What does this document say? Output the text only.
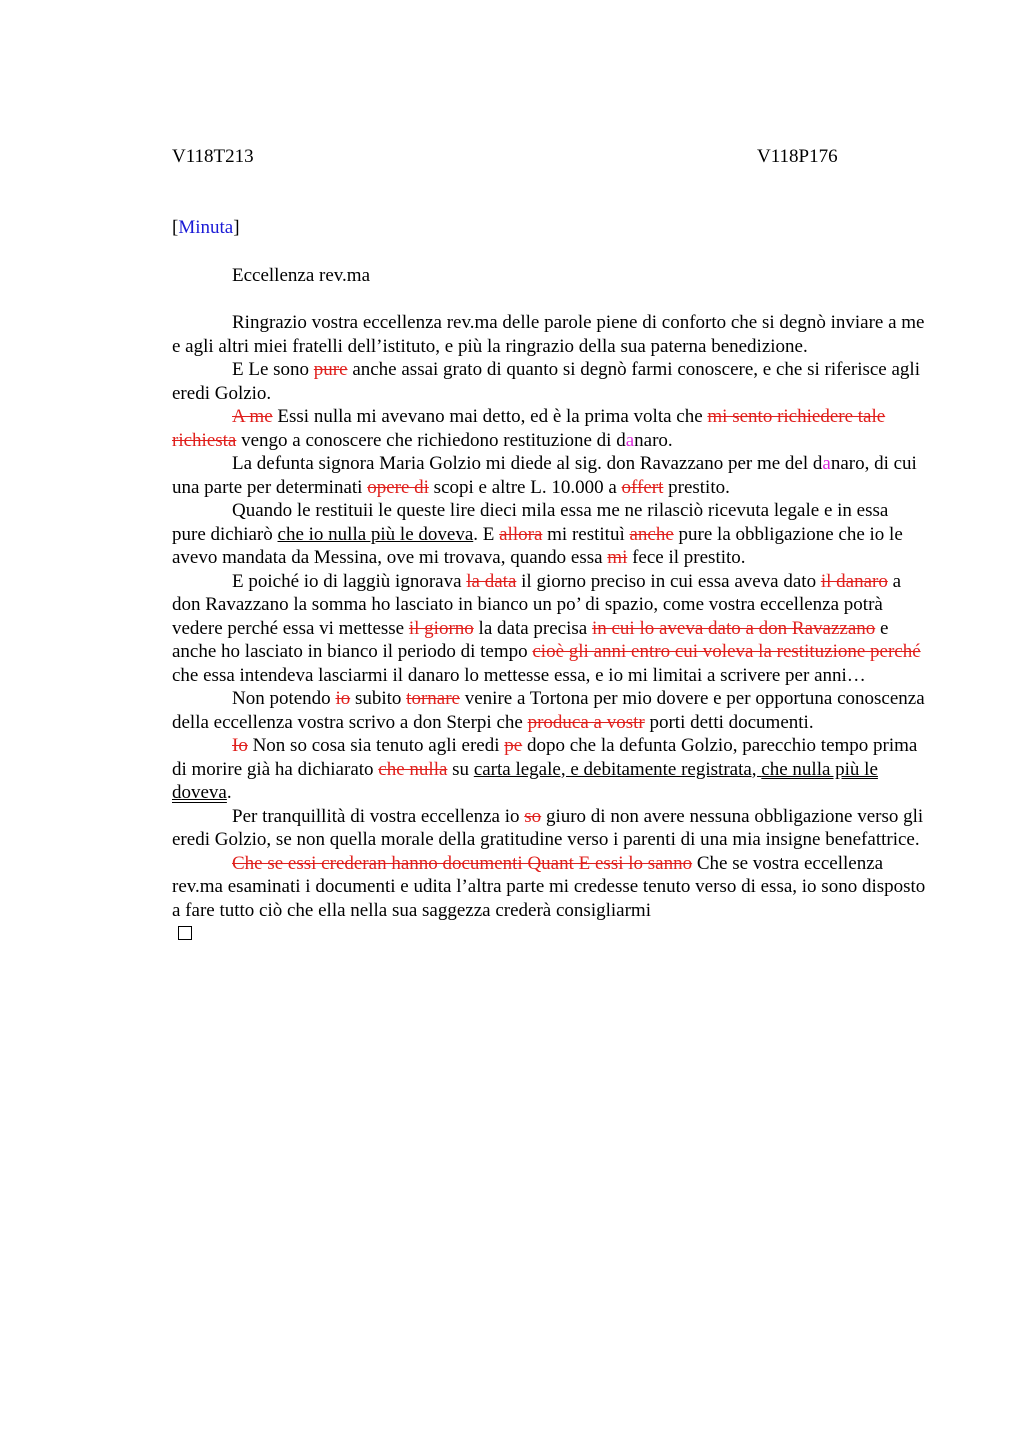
V118T213	V118P176

[Minuta]

Eccellenza rev.ma

Ringrazio vostra eccellenza rev.ma delle parole piene di conforto che si degnò inviare a me e agli altri miei fratelli dell’istituto, e più la ringrazio della sua paterna benedizione.

E Le sono pure anche assai grato di quanto si degnò farmi conoscere, e che si riferisce agli eredi Golzio.

A me Essi nulla mi avevano mai detto, ed è la prima volta che mi sento richiedere tale richiesta vengo a conoscere che richiedono restituzione di danaro.

La defunta signora Maria Golzio mi diede al sig. don Ravazzano per me del danaro, di cui una parte per determinati opere di scopi e altre L. 10.000 a offert prestito.

Quando le restituii le queste lire dieci mila essa me ne rilasciò ricevuta legale e in essa pure dichiarò che io nulla più le doveva. E allora mi restituì anche pure la obbligazione che io le avevo mandata da Messina, ove mi trovava, quando essa mi fece il prestito.

E poiché io di laggiù ignorava la data il giorno preciso in cui essa aveva dato il danaro a don Ravazzano la somma ho lasciato in bianco un po’ di spazio, come vostra eccellenza potrà vedere perché essa vi mettesse il giorno la data precisa in cui lo aveva dato a don Ravazzano e anche ho lasciato in bianco il periodo di tempo cioè gli anni entro cui voleva la restituzione perché che essa intendeva lasciarmi il danaro lo mettesse essa, e io mi limitai a scrivere per anni…

Non potendo io subito tornare venire a Tortona per mio dovere e per opportuna conoscenza della eccellenza vostra scrivo a don Sterpi che produca a vostr porti detti documenti.

Io Non so cosa sia tenuto agli eredi pe dopo che la defunta Golzio, parecchio tempo prima di morire già ha dichiarato che nulla su carta legale, e debitamente registrata, che nulla più le doveva.

Per tranquillità di vostra eccellenza io so giuro di non avere nessuna obbligazione verso gli eredi Golzio, se non quella morale della gratitudine verso i parenti di una mia insigne benefattrice.

Che se essi crederan hanno documenti Quant E essi lo sanno Che se vostra eccellenza rev.ma esaminati i documenti e udita l’altra parte mi credesse tenuto verso di essa, io sono disposto a fare tutto ciò che ella nella sua saggezza crederà consigliarmi
